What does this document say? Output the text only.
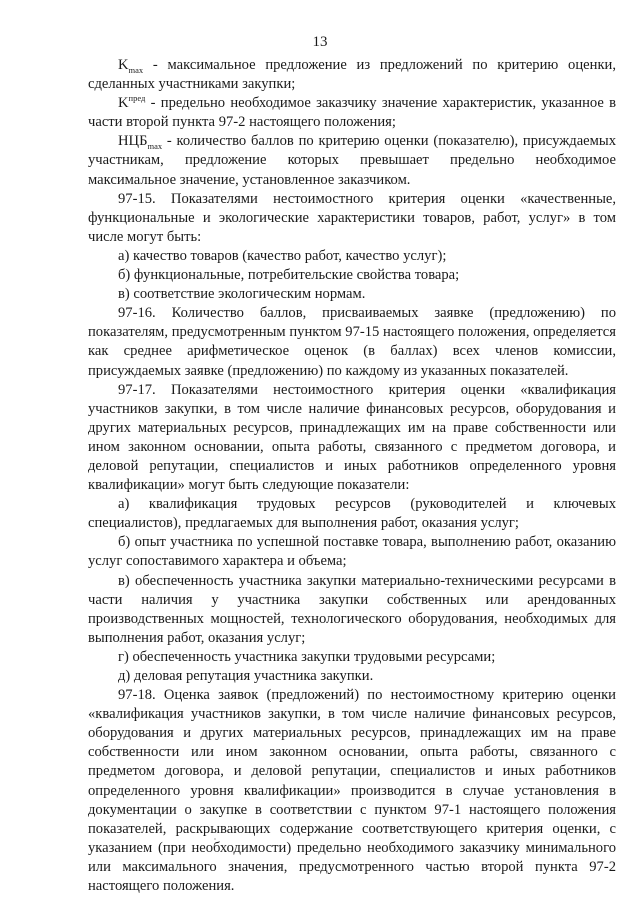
13

$K_{max}$ - максимальное предложение из предложений по критерию оценки, сделанных участниками закупки;

$K^{пред}$ - предельно необходимое заказчику значение характеристик, указанное в части второй пункта 97-2 настоящего положения;

$НЦБ_{max}$ - количество баллов по критерию оценки (показателю), присуждаемых участникам, предложение которых превышает предельно необходимое максимальное значение, установленное заказчиком.

97-15. Показателями нестоимостного критерия оценки «качественные, функциональные и экологические характеристики товаров, работ, услуг» в том числе могут быть:

а) качество товаров (качество работ, качество услуг);

б) функциональные, потребительские свойства товара;

в) соответствие экологическим нормам.

97-16. Количество баллов, присваиваемых заявке (предложению) по показателям, предусмотренным пунктом 97-15 настоящего положения, определяется как среднее арифметическое оценок (в баллах) всех членов комиссии, присуждаемых заявке (предложению) по каждому из указанных показателей.

97-17. Показателями нестоимостного критерия оценки «квалификация участников закупки, в том числе наличие финансовых ресурсов, оборудования и других материальных ресурсов, принадлежащих им на праве собственности или ином законном основании, опыта работы, связанного с предметом договора, и деловой репутации, специалистов и иных работников определенного уровня квалификации» могут быть следующие показатели:

а) квалификация трудовых ресурсов (руководителей и ключевых специалистов), предлагаемых для выполнения работ, оказания услуг;

б) опыт участника по успешной поставке товара, выполнению работ, оказанию услуг сопоставимого характера и объема;

в) обеспеченность участника закупки материально-техническими ресурсами в части наличия у участника закупки собственных или арендованных производственных мощностей, технологического оборудования, необходимых для выполнения работ, оказания услуг;

г) обеспеченность участника закупки трудовыми ресурсами;

д) деловая репутация участника закупки.

97-18. Оценка заявок (предложений) по нестоимостному критерию оценки «квалификация участников закупки, в том числе наличие финансовых ресурсов, оборудования и других материальных ресурсов, принадлежащих им на праве собственности или ином законном основании, опыта работы, связанного с предметом договора, и деловой репутации, специалистов и иных работников определенного уровня квалификации» производится в случае установления в документации о закупке в соответствии с пунктом 97-1 настоящего положения показателей, раскрывающих содержание соответствующего критерия оценки, с указанием (при необходимости) предельно необходимого заказчику минимального или максимального значения, предусмотренного частью второй пункта 97-2 настоящего положения.
